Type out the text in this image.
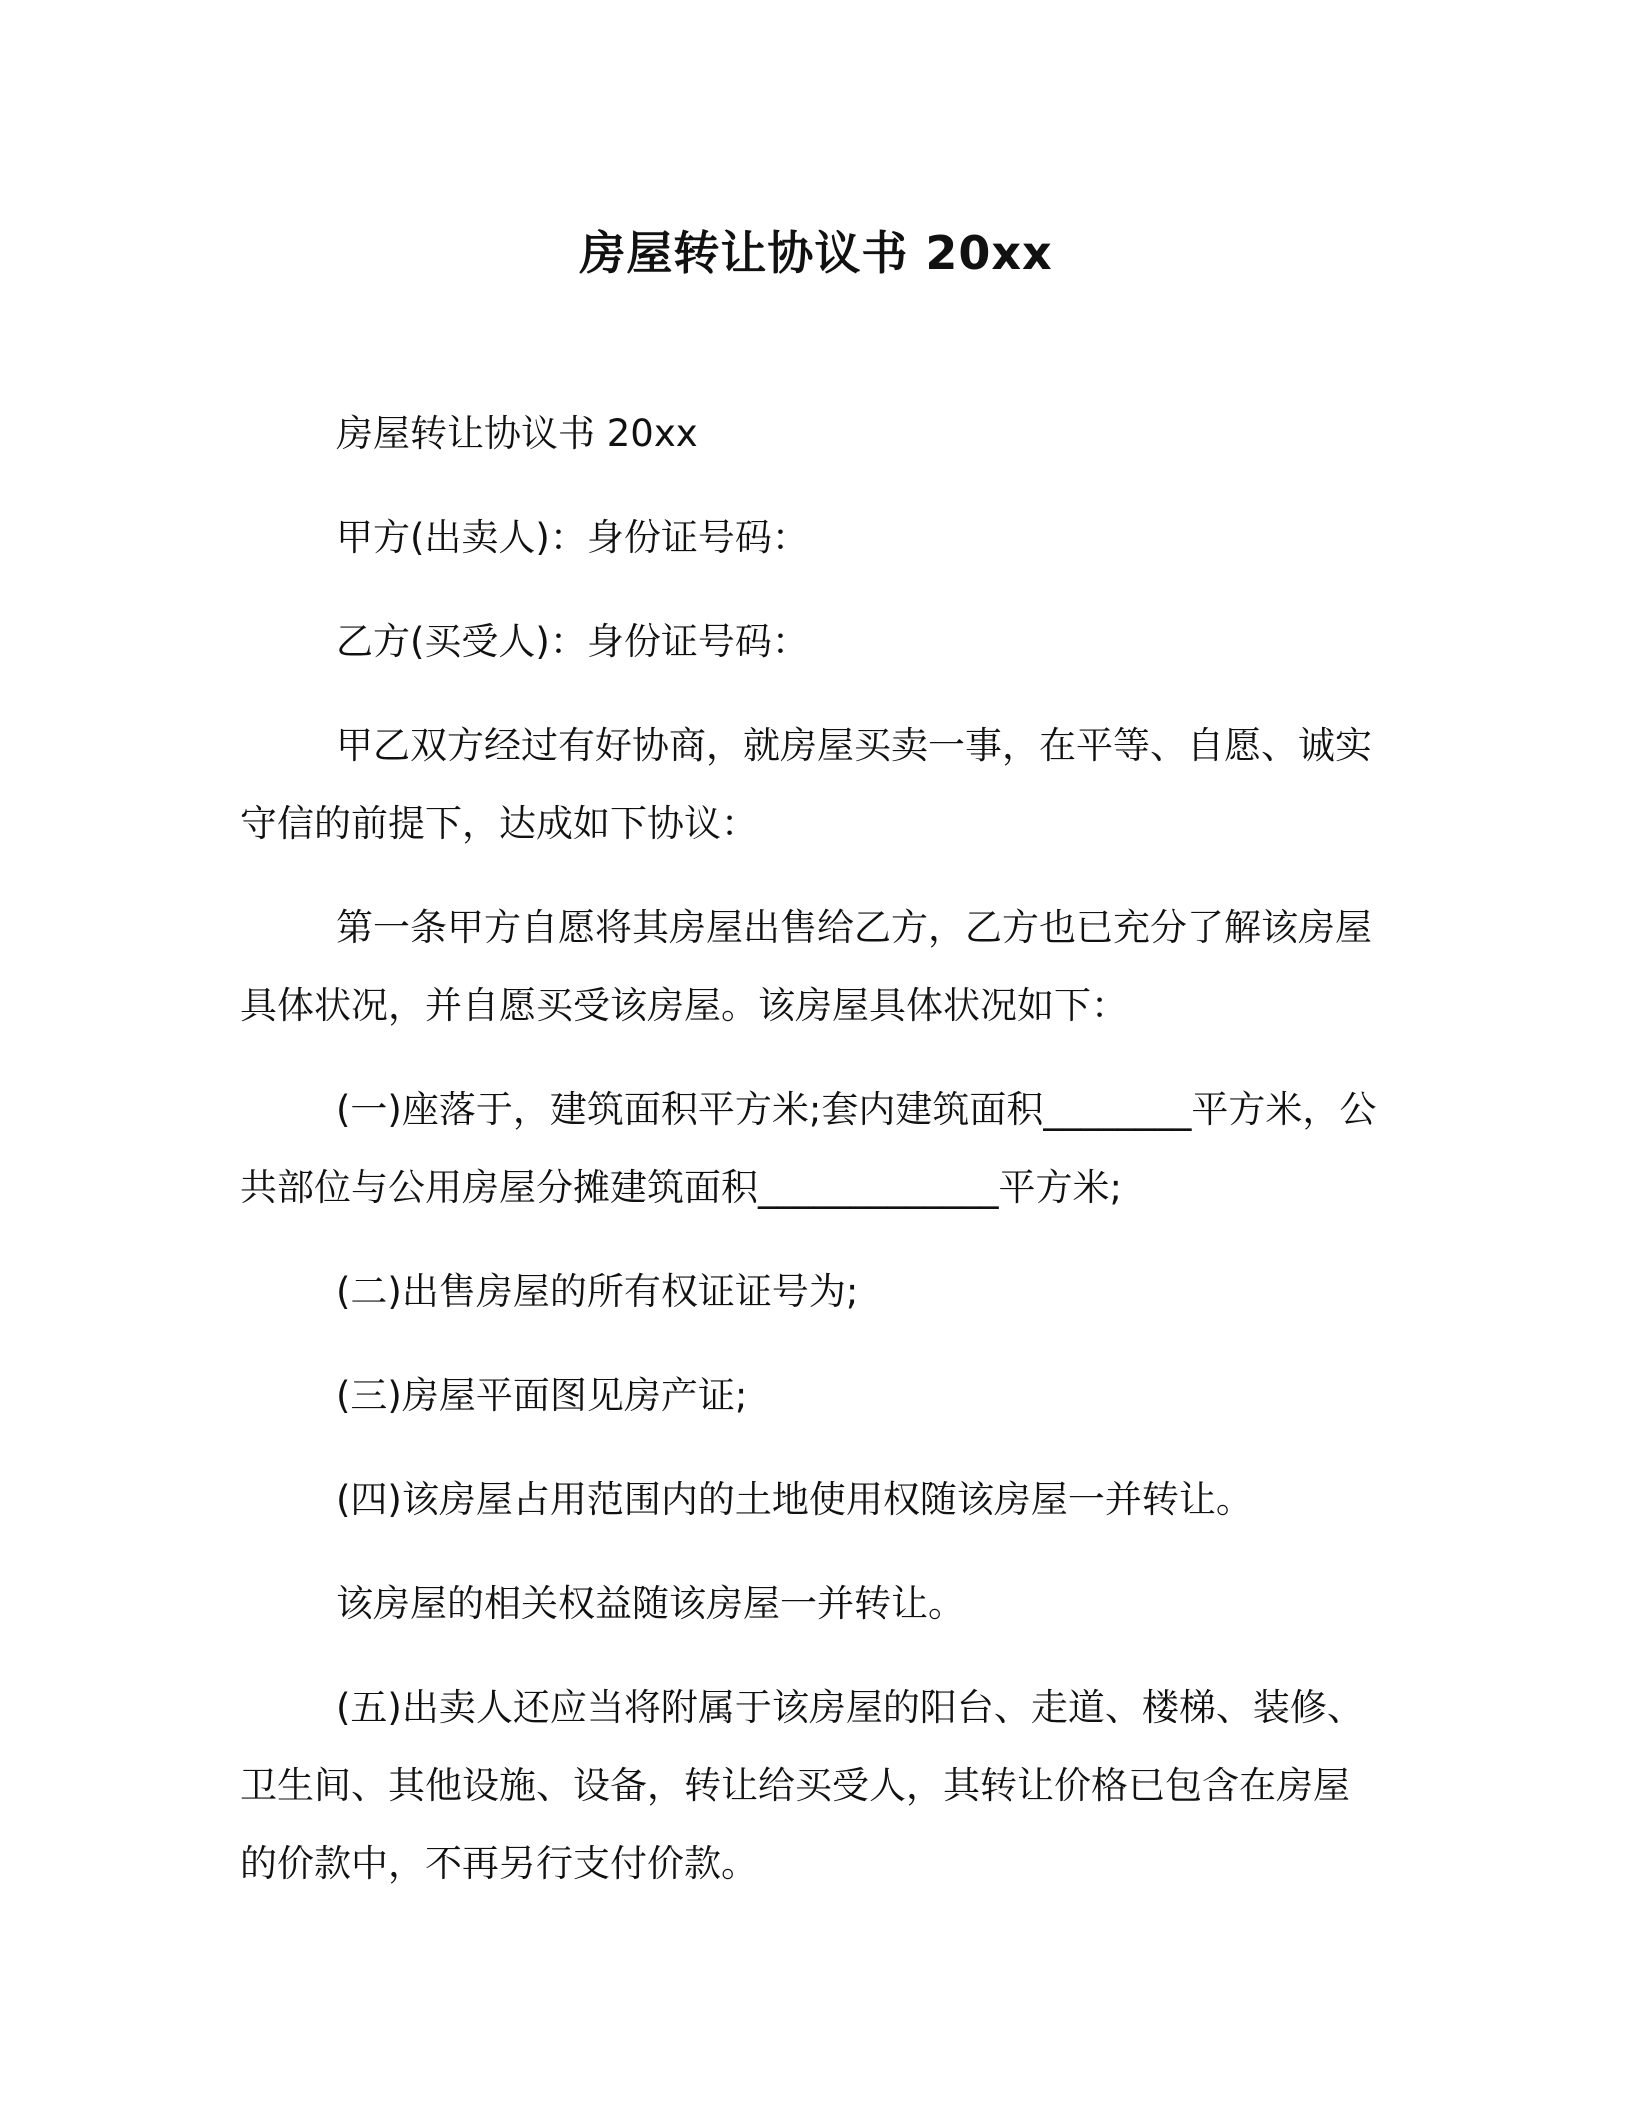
房屋转让协议书 20xx

房屋转让协议书 20xx

甲方(出卖人)：身份证号码：

乙方(买受人)：身份证号码：

甲乙双方经过有好协商，就房屋买卖一事，在平等、自愿、诚实
守信的前提下，达成如下协议：

第一条甲方自愿将其房屋出售给乙方，乙方也已充分了解该房屋
具体状况，并自愿买受该房屋。该房屋具体状况如下：

(一)座落于，建筑面积平方米;套内建筑面积________平方米，公
共部位与公用房屋分摊建筑面积_____________平方米;

(二)出售房屋的所有权证证号为;

(三)房屋平面图见房产证;

(四)该房屋占用范围内的土地使用权随该房屋一并转让。

该房屋的相关权益随该房屋一并转让。

(五)出卖人还应当将附属于该房屋的阳台、走道、楼梯、装修、
卫生间、其他设施、设备，转让给买受人，其转让价格已包含在房屋
的价款中，不再另行支付价款。
